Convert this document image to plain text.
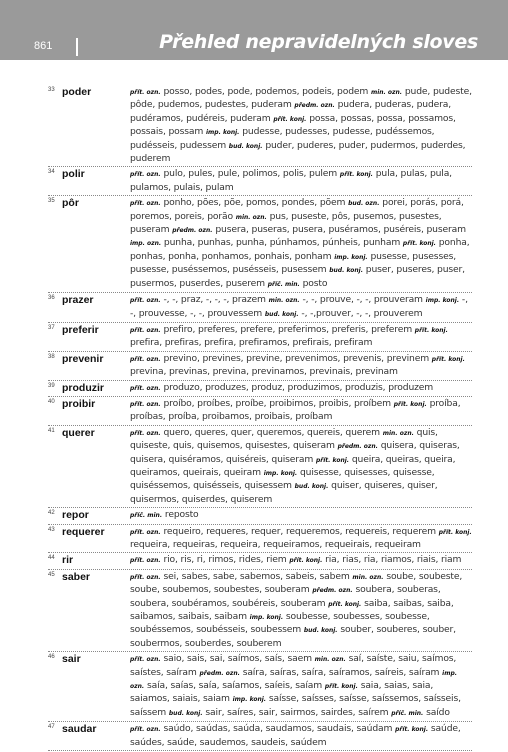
861	Přehled nepravidelných sloves
33 poder	přít. ozn. posso, podes, pode, podemos, podeis, podem min. ozn. pude, pudeste, pôde, pudemos, pudestes, puderam předm. ozn. pudera, puderas, pudera, pudéramos, pudéreis, puderam přít. konj. possa, possas, possa, possamos, possais, possam imp. konj. pudesse, pudesses, pudesse, pudéssemos, pudésseis, pudessem bud. konj. puder, puderes, puder, pudermos, puderdes, puderem
34 polir	přít. ozn. pulo, pules, pule, polimos, polis, pulem přít. konj. pula, pulas, pula, pulamos, pulais, pulam
35 pôr	přít. ozn. ponho, pões, põe, pomos, pondes, põem bud. ozn. porei, porás, porá, poremos, poreis, porão min. ozn. pus, puseste, pôs, pusemos, pusestes, puseram předm. ozn. pusera, puseras, pusera, puséramos, puséreis, puseram imp. ozn. punha, punhas, punha, púnhamos, púnheis, punham přít. konj. ponha, ponhas, ponha, ponhamos, ponhais, ponham imp. konj. pusesse, pusesses, pusesse, puséssemos, pusésseis, pusessem bud. konj. puser, puseres, puser, pusermos, puserdes, puserem příč. min. posto
36 prazer	přít. ozn. -, -, praz, -, -, -, prazem min. ozn. -, -, prouve, -, -, prouveram imp. konj. -, -, prouvesse, -, -, prouvessem bud. konj. -, -,prouver, -, -, prouverem
37 preferir	přít. ozn. prefiro, preferes, prefere, preferimos, preferis, preferem přít. konj. prefira, prefiras, prefira, prefiramos, prefirais, prefiram
38 prevenir	přít. ozn. previno, prevines, previne, prevenimos, prevenis, previnem přít. konj. previna, previnas, previna, previnamos, previnais, previnam
39 produzir	přít. ozn. produzo, produzes, produz, produzimos, produzis, produzem
40 proibir	přít. ozn. proíbo, proíbes, proíbe, proibimos, proibis, proíbem přít. konj. proíba, proíbas, proíba, proibamos, proibais, proíbam
41 querer	přít. ozn. quero, queres, quer, queremos, quereis, querem min. ozn. quis, quiseste, quis, quisemos, quisestes, quiseram předm. ozn. quisera, quiseras, quisera, quiséramos, quiséreis, quiseram přít. konj. queira, queiras, queira, queiramos, queirais, queiram imp. konj. quisesse, quisesses, quisesse, quiséssemos, quisésseis, quisessem bud. konj. quiser, quiseres, quiser, quisermos, quiserdes, quiserem
42 repor	příč. min. reposto
43 requerer	přít. ozn. requeiro, requeres, requer, requeremos, requereis, requerem přít. konj. requeira, requeiras, requeira, requeiramos, requeirais, requeiram
44 rir	přít. ozn. rio, ris, ri, rimos, rides, riem přít. konj. ria, rias, ria, riamos, riais, riam
45 saber	přít. ozn. sei, sabes, sabe, sabemos, sabeis, sabem min. ozn. soube, soubeste, soube, soubemos, soubestes, souberam předm. ozn. soubera, souberas, soubera, soubéramos, soubéreis, souberam přít. konj. saiba, saibas, saiba, saibamos, saibais, saibam imp. konj. soubesse, soubesses, soubesse, soubéssemos, soubésseis, soubessem bud. konj. souber, souberes, souber, soubermos, souberdes, souberem
46 sair	přít. ozn. saio, sais, sai, saímos, saís, saem min. ozn. saí, saíste, saiu, saímos, saístes, saíram předm. ozn. saíra, saíras, saíra, saíramos, saíreis, saíram imp. ozn. saía, saías, saía, saíamos, saíeis, saíam přít. konj. saia, saias, saia, saiamos, saiais, saiam imp. konj. saísse, saísses, saísse, saíssemos, saísseis, saíssem bud. konj. sair, saíres, sair, sairmos, sairdes, saírem příč. min. saído
47 saudar	přít. ozn. saúdo, saúdas, saúda, saudamos, saudais, saúdam přít. konj. saúde, saúdes, saúde, saudemos, saudeis, saúdem
